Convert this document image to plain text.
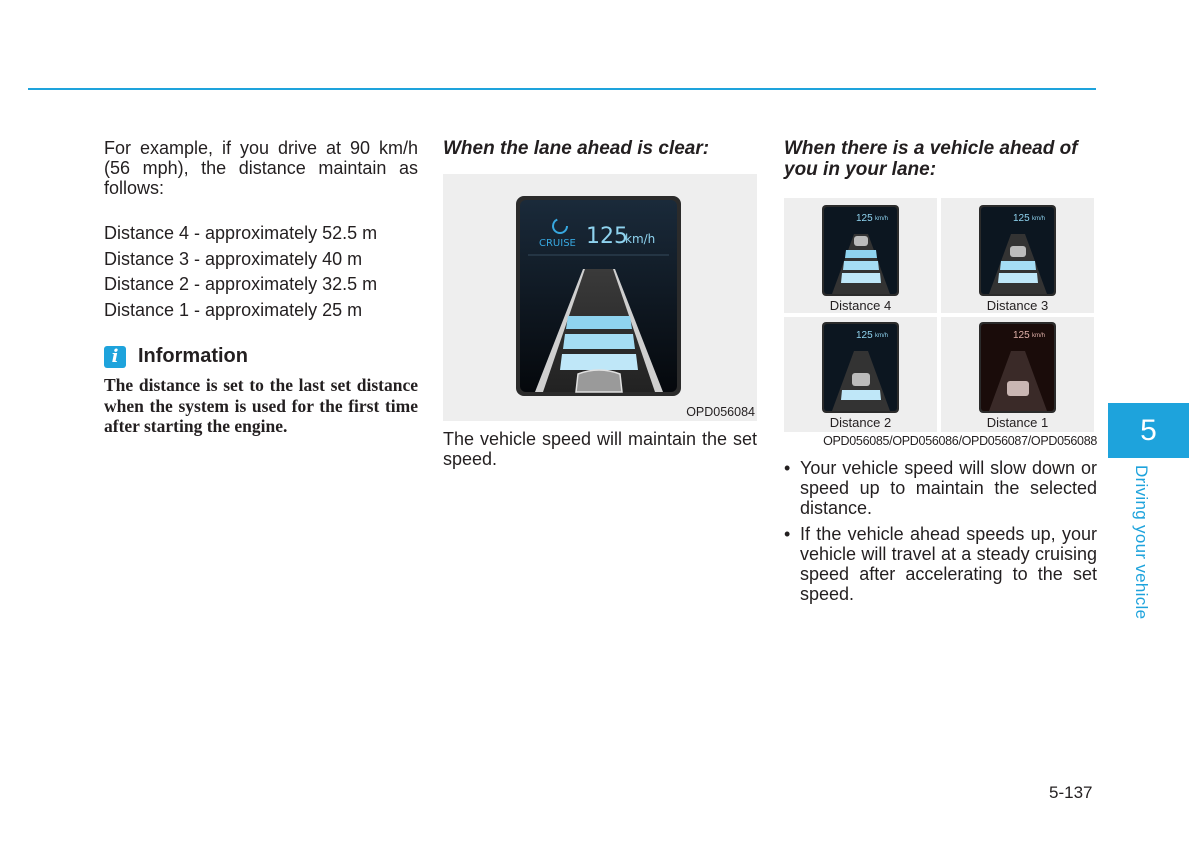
For example, if you drive at 90 km/h (56 mph), the distance maintain as follows:

Distance 4 - approximately 52.5 m
Distance 3 - approximately 40 m
Distance 2 - approximately 32.5 m
Distance 1 - approximately 25 m
i Information
The distance is set to the last set distance when the system is used for the first time after starting the engine.

When the lane ahead is clear:

CRUISE 125
km/h
OPD056084

The vehicle speed will maintain the set speed.

When there is a vehicle ahead of you in your lane:

125 km/h
Distance 4
125 km/h
Distance 3
125 km/h
Distance 2
125 km/h
Distance 1
OPD056085/OPD056086/OPD056087/OPD056088
• Your vehicle speed will slow down or speed up to maintain the selected distance.
• If the vehicle ahead speeds up, your vehicle will travel at a steady cruising speed after accelerating to the set speed.
5
Driving your vehicle
5-137
